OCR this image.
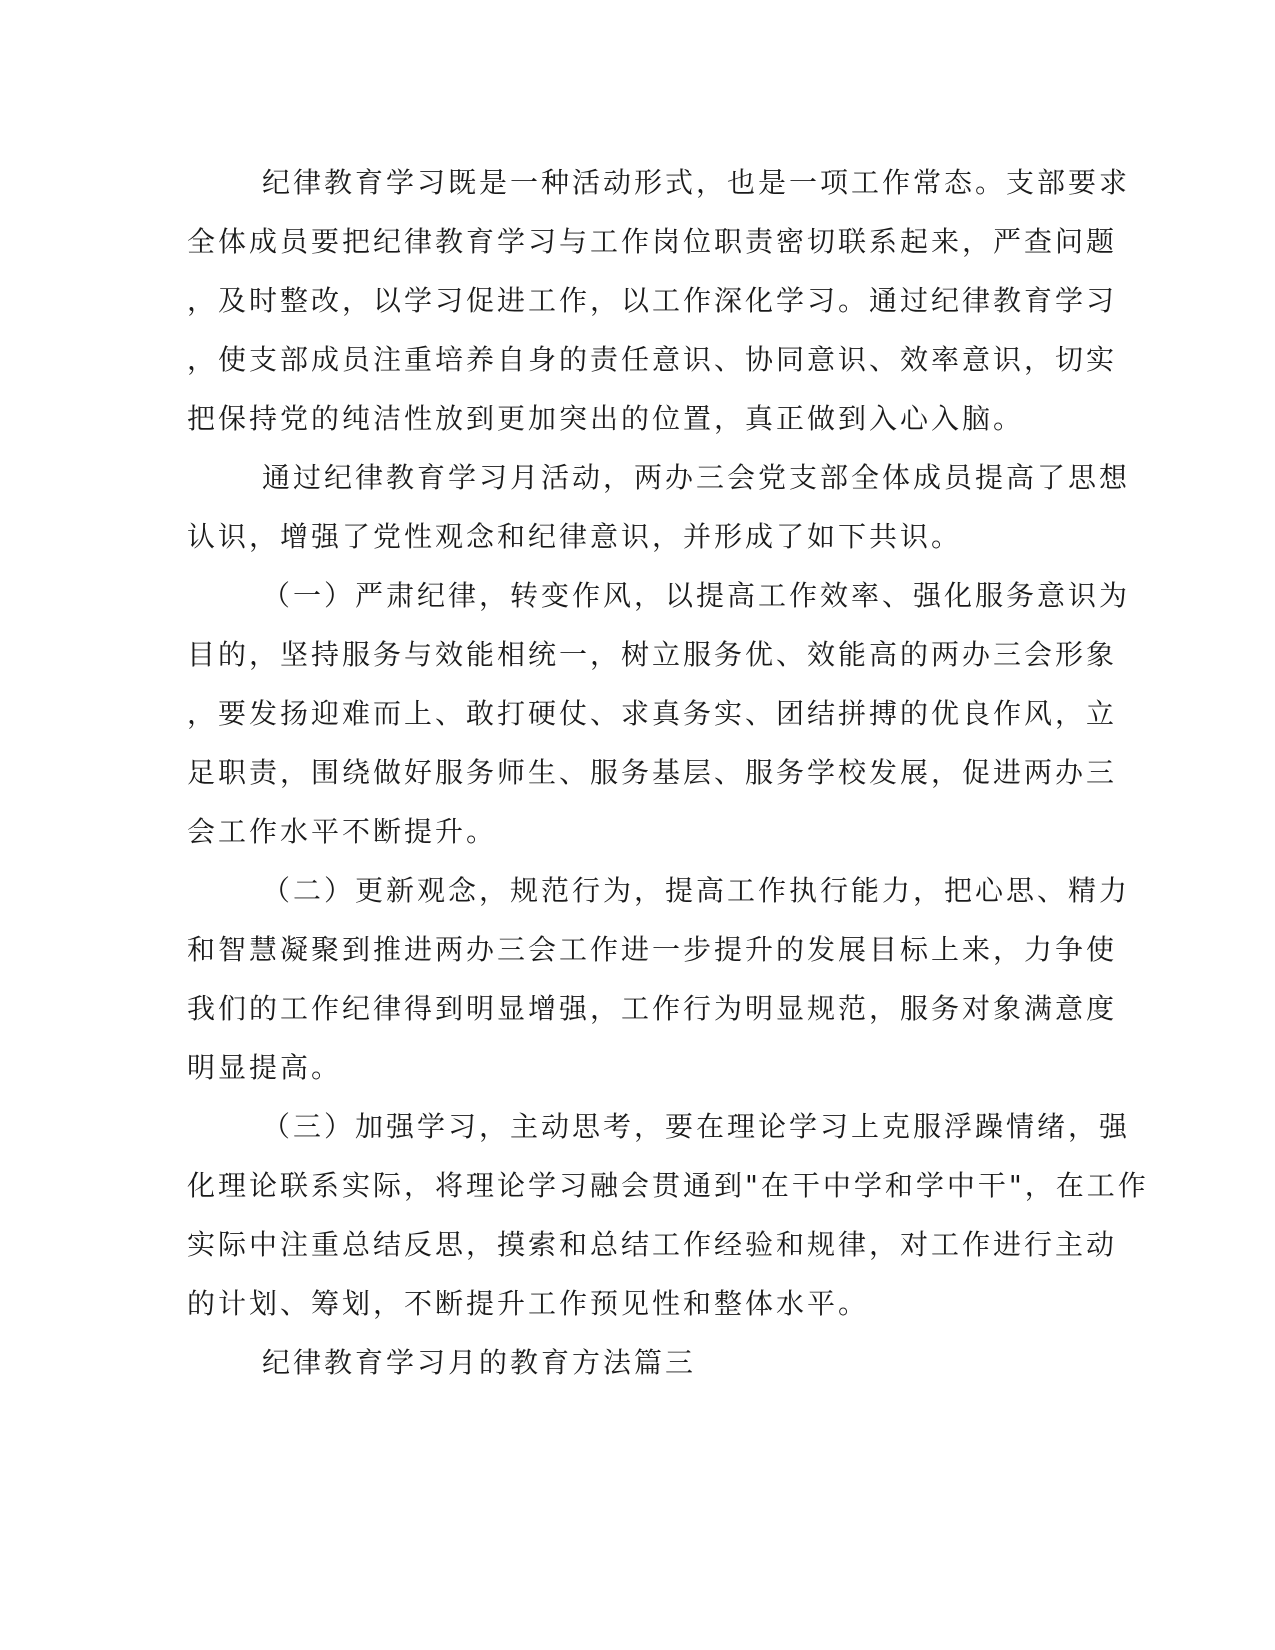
纪律教育学习既是一种活动形式，也是一项工作常态。支部要求
全体成员要把纪律教育学习与工作岗位职责密切联系起来，严查问题
，及时整改，以学习促进工作，以工作深化学习。通过纪律教育学习
，使支部成员注重培养自身的责任意识、协同意识、效率意识，切实
把保持党的纯洁性放到更加突出的位置，真正做到入心入脑。
通过纪律教育学习月活动，两办三会党支部全体成员提高了思想
认识，增强了党性观念和纪律意识，并形成了如下共识。
（一）严肃纪律，转变作风，以提高工作效率、强化服务意识为
目的，坚持服务与效能相统一，树立服务优、效能高的两办三会形象
，要发扬迎难而上、敢打硬仗、求真务实、团结拼搏的优良作风，立
足职责，围绕做好服务师生、服务基层、服务学校发展，促进两办三
会工作水平不断提升。
（二）更新观念，规范行为，提高工作执行能力，把心思、精力
和智慧凝聚到推进两办三会工作进一步提升的发展目标上来，力争使
我们的工作纪律得到明显增强，工作行为明显规范，服务对象满意度
明显提高。
（三）加强学习，主动思考，要在理论学习上克服浮躁情绪，强
化理论联系实际，将理论学习融会贯通到"在干中学和学中干"，在工作
实际中注重总结反思，摸索和总结工作经验和规律，对工作进行主动
的计划、筹划，不断提升工作预见性和整体水平。
纪律教育学习月的教育方法篇三
